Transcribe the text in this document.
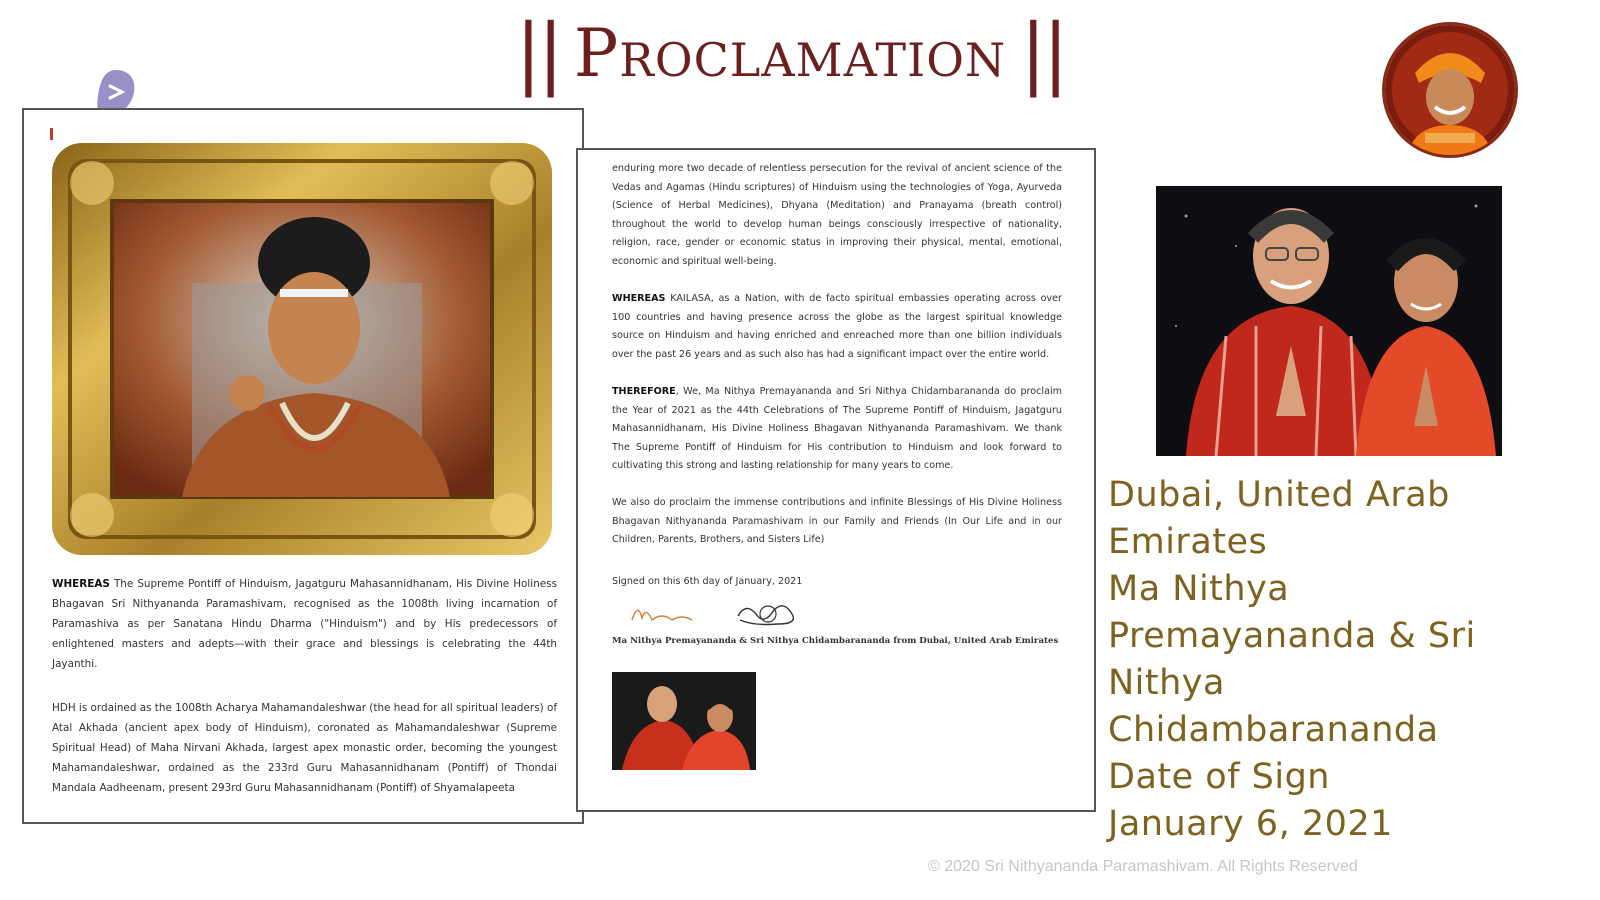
|| Proclamation ||
WHEREAS The Supreme Pontiff of Hinduism, Jagatguru Mahasannidhanam, His Divine Holiness Bhagavan Sri Nithyananda Paramashivam, recognised as the 1008th living incarnation of Paramashiva as per Sanatana Hindu Dharma ("Hinduism") and by His predecessors of enlightened masters and adepts—with their grace and blessings is celebrating the 44th Jayanthi.
HDH is ordained as the 1008th Acharya Mahamandaleshwar (the head for all spiritual leaders) of Atal Akhada (ancient apex body of Hinduism), coronated as Mahamandaleshwar (Supreme Spiritual Head) of Maha Nirvani Akhada, largest apex monastic order, becoming the youngest Mahamandaleshwar, ordained as the 233rd Guru Mahasannidhanam (Pontiff) of Thondai Mandala Aadheenam, present 293rd Guru Mahasannidhanam (Pontiff) of Shyamalapeeta
enduring more two decade of relentless persecution for the revival of ancient science of the Vedas and Agamas (Hindu scriptures) of Hinduism using the technologies of Yoga, Ayurveda (Science of Herbal Medicines), Dhyana (Meditation) and Pranayama (breath control) throughout the world to develop human beings consciously irrespective of nationality, religion, race, gender or economic status in improving their physical, mental, emotional, economic and spiritual well-being.
WHEREAS KAILASA, as a Nation, with de facto spiritual embassies operating across over 100 countries and having presence across the globe as the largest spiritual knowledge source on Hinduism and having enriched and enreached more than one billion individuals over the past 26 years and as such also has had a significant impact over the entire world.
THEREFORE, We, Ma Nithya Premayananda and Sri Nithya Chidambarananda do proclaim the Year of 2021 as the 44th Celebrations of The Supreme Pontiff of Hinduism, Jagatguru Mahasannidhanam, His Divine Holiness Bhagavan Nithyananda Paramashivam. We thank The Supreme Pontiff of Hinduism for His contribution to Hinduism and look forward to cultivating this strong and lasting relationship for many years to come.
We also do proclaim the immense contributions and infinite Blessings of His Divine Holiness Bhagavan Nithyananda Paramashivam in our Family and Friends (In Our Life and in our Children, Parents, Brothers, and Sisters Life)
Signed on this 6th day of January, 2021
Ma Nithya Premayananda & Sri Nithya Chidambarananda from Dubai, United Arab Emirates
Dubai, United Arab
Emirates
Ma Nithya
Premayananda & Sri
Nithya
Chidambarananda
Date of Sign
January 6, 2021
© 2020 Sri Nithyananda Paramashivam. All Rights Reserved
